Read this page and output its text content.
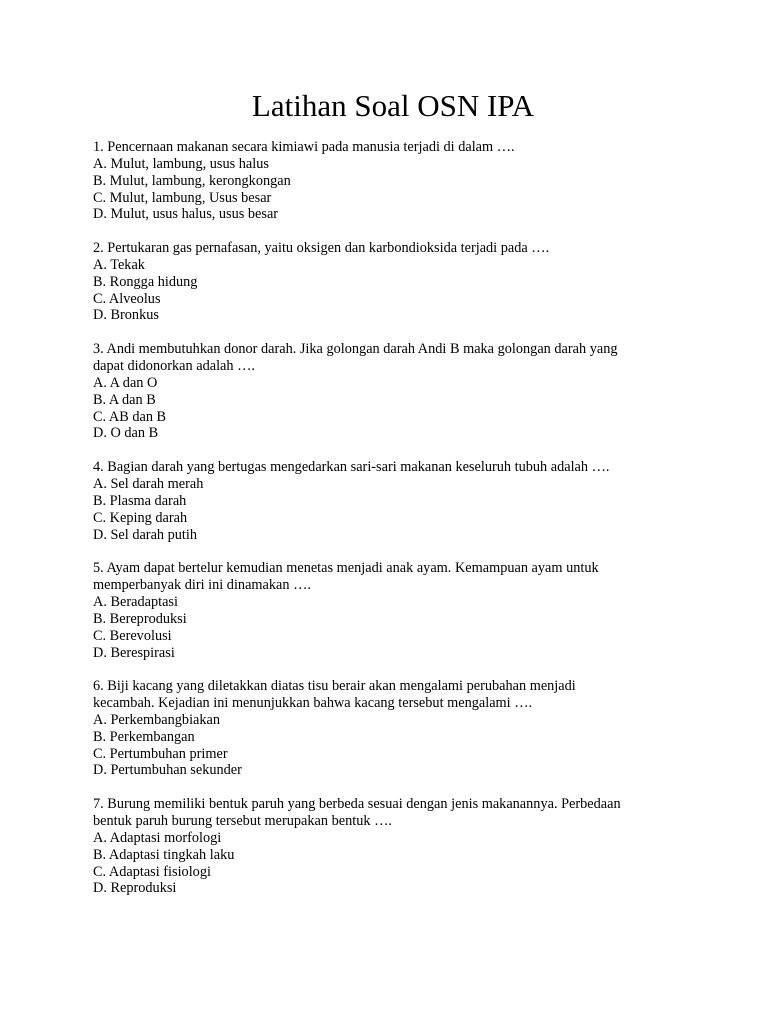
Latihan Soal OSN IPA
1. Pencernaan makanan secara kimiawi pada manusia terjadi di dalam ….
A. Mulut, lambung, usus halus
B. Mulut, lambung, kerongkongan
C. Mulut, lambung, Usus besar
D. Mulut, usus halus, usus besar
2. Pertukaran gas pernafasan, yaitu oksigen dan karbondioksida terjadi pada ….
A. Tekak
B. Rongga hidung
C. Alveolus
D. Bronkus
3. Andi membutuhkan donor darah. Jika golongan darah Andi B maka golongan darah yang
dapat didonorkan adalah ….
A. A dan O
B. A dan B
C. AB dan B
D. O dan B
4. Bagian darah yang bertugas mengedarkan sari-sari makanan keseluruh tubuh adalah ….
A. Sel darah merah
B. Plasma darah
C. Keping darah
D. Sel darah putih
5. Ayam dapat bertelur kemudian menetas menjadi anak ayam. Kemampuan ayam untuk
memperbanyak diri ini dinamakan ….
A. Beradaptasi
B. Bereproduksi
C. Berevolusi
D. Berespirasi
6. Biji kacang yang diletakkan diatas tisu berair akan mengalami perubahan menjadi
kecambah. Kejadian ini menunjukkan bahwa kacang tersebut mengalami ….
A. Perkembangbiakan
B. Perkembangan
C. Pertumbuhan primer
D. Pertumbuhan sekunder
7. Burung memiliki bentuk paruh yang berbeda sesuai dengan jenis makanannya. Perbedaan
bentuk paruh burung tersebut merupakan bentuk ….
A. Adaptasi morfologi
B. Adaptasi tingkah laku
C. Adaptasi fisiologi
D. Reproduksi
